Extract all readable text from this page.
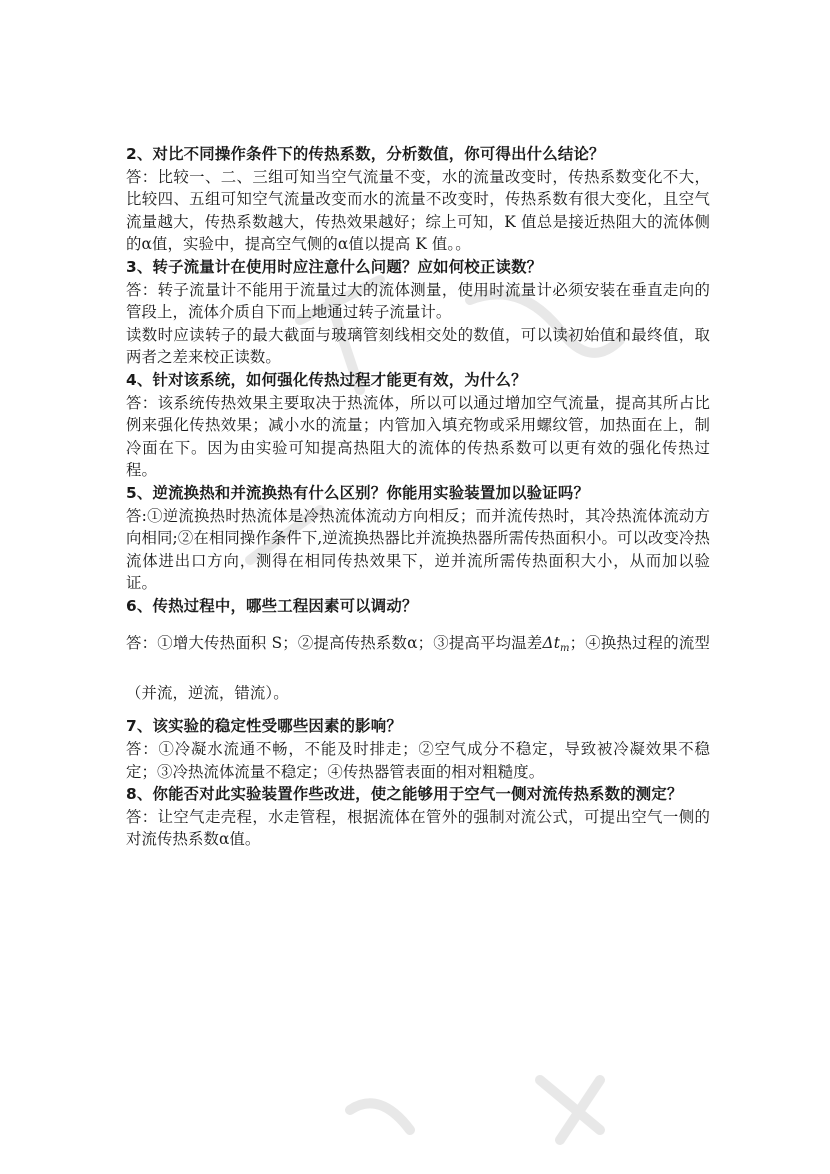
2、对比不同操作条件下的传热系数，分析数值，你可得出什么结论？
答：比较一、二、三组可知当空气流量不变，水的流量改变时，传热系数变化不大，比较四、五组可知空气流量改变而水的流量不改变时，传热系数有很大变化，且空气流量越大，传热系数越大，传热效果越好；综上可知，K 值总是接近热阻大的流体侧的α值，实验中，提高空气侧的α值以提高 K 值。。
3、转子流量计在使用时应注意什么问题？应如何校正读数？
答：转子流量计不能用于流量过大的流体测量，使用时流量计必须安装在垂直走向的管段上，流体介质自下而上地通过转子流量计。
读数时应读转子的最大截面与玻璃管刻线相交处的数值，可以读初始值和最终值，取两者之差来校正读数。
4、针对该系统，如何强化传热过程才能更有效，为什么？
答：该系统传热效果主要取决于热流体，所以可以通过增加空气流量，提高其所占比例来强化传热效果；减小水的流量；内管加入填充物或采用螺纹管，加热面在上，制冷面在下。因为由实验可知提高热阻大的流体的传热系数可以更有效的强化传热过程。
5、逆流换热和并流换热有什么区别？你能用实验装置加以验证吗？
答:①逆流换热时热流体是冷热流体流动方向相反；而并流传热时，其冷热流体流动方向相同;②在相同操作条件下,逆流换热器比并流换热器所需传热面积小。可以改变冷热流体进出口方向，测得在相同传热效果下，逆并流所需传热面积大小，从而加以验证。
6、传热过程中，哪些工程因素可以调动？
答：①增大传热面积 S；②提高传热系数α；③提高平均温差$\Delta t_m$；④换热过程的流型（并流，逆流，错流）。
7、该实验的稳定性受哪些因素的影响？
答：①冷凝水流通不畅，不能及时排走；②空气成分不稳定，导致被冷凝效果不稳定；③冷热流体流量不稳定；④传热器管表面的相对粗糙度。
8、你能否对此实验装置作些改进，使之能够用于空气一侧对流传热系数的测定？
答：让空气走壳程，水走管程，根据流体在管外的强制对流公式，可提出空气一侧的对流传热系数α值。
